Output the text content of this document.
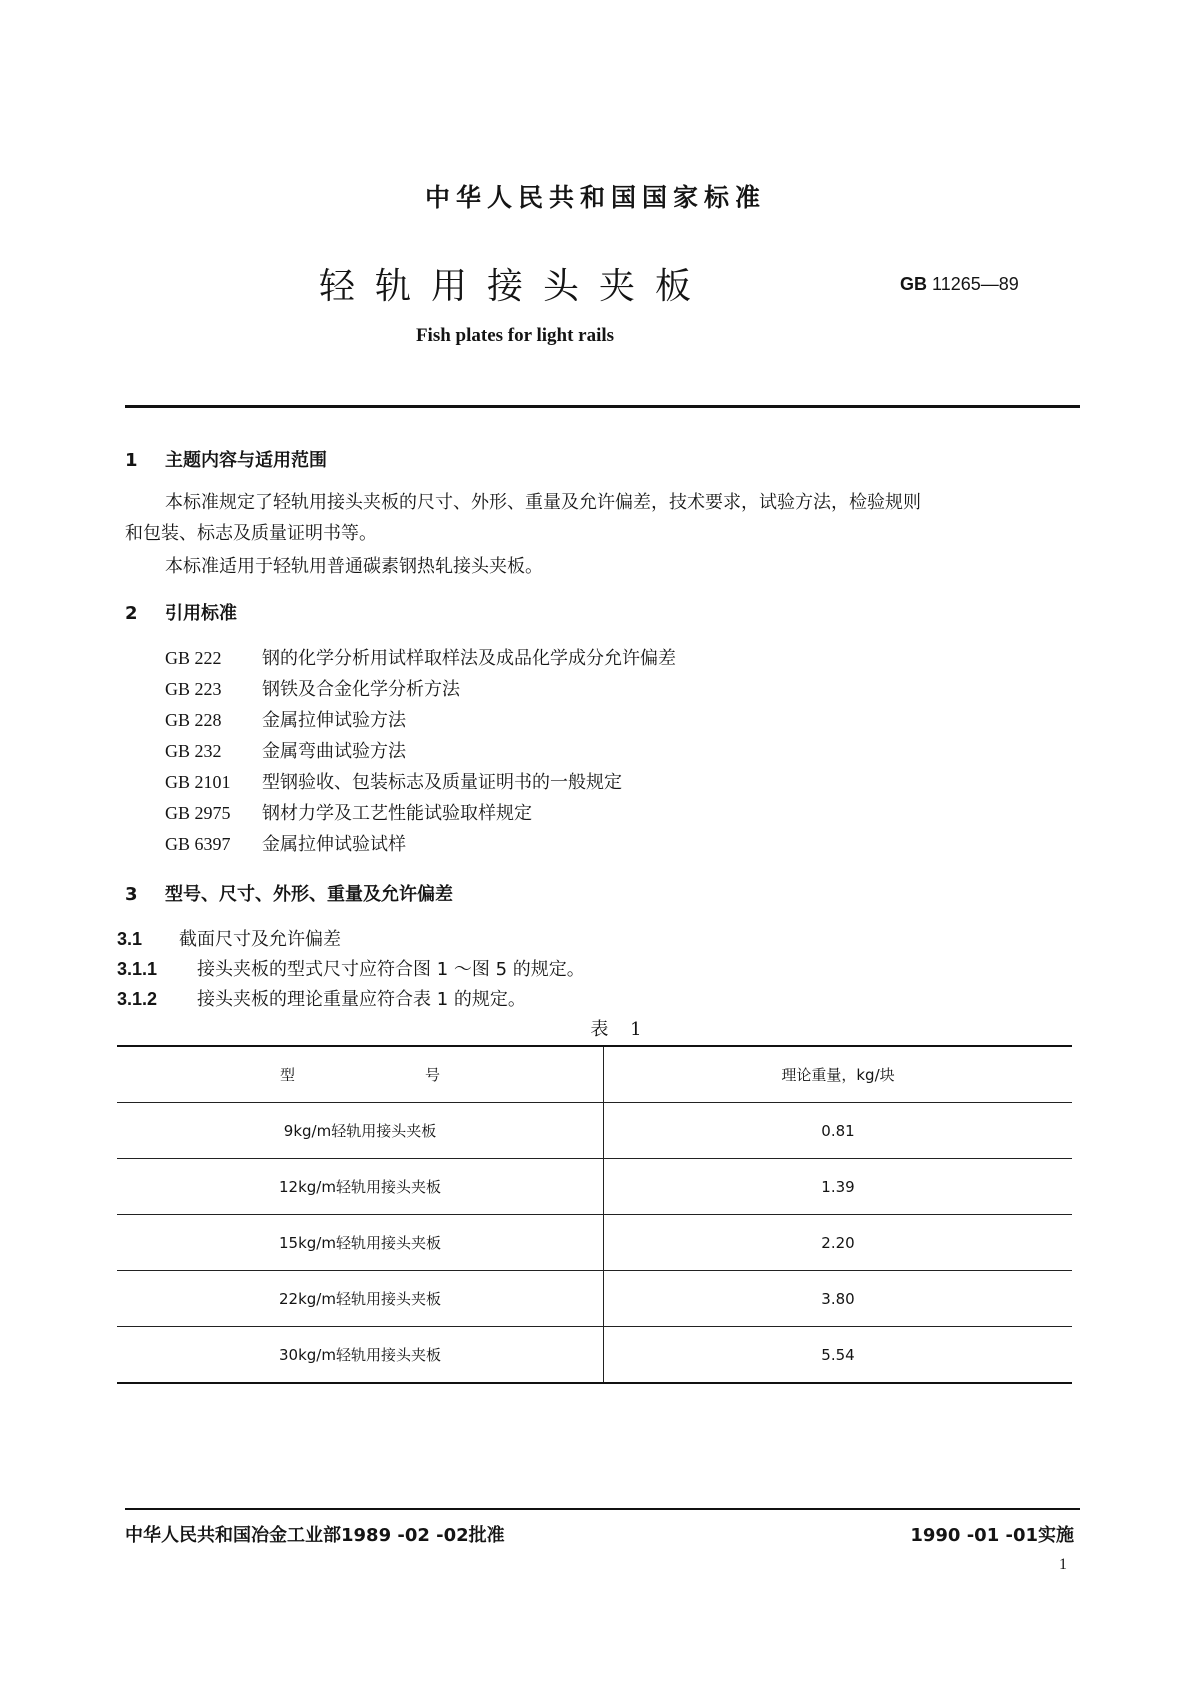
中华人民共和国国家标准
轻轨用接头夹板	GB 11265—89
Fish plates for light rails
1 主题内容与适用范围
本标准规定了轻轨用接头夹板的尺寸、外形、重量及允许偏差，技术要求，试验方法，检验规则
和包装、标志及质量证明书等。
本标准适用于轻轨用普通碳素钢热轧接头夹板。
2 引用标准
GB 222 钢的化学分析用试样取样法及成品化学成分允许偏差
GB 223 钢铁及合金化学分析方法
GB 228 金属拉伸试验方法
GB 232 金属弯曲试验方法
GB 2101 型钢验收、包装标志及质量证明书的一般规定
GB 2975 钢材力学及工艺性能试验取样规定
GB 6397 金属拉伸试验试样
3 型号、尺寸、外形、重量及允许偏差
3.1 截面尺寸及允许偏差
3.1.1 接头夹板的型式尺寸应符合图 1 ～图 5 的规定。
3.1.2 接头夹板的理论重量应符合表 1 的规定。
表 1
型 号	理论重量，kg/块
9kg/m轻轨用接头夹板	0.81
12kg/m轻轨用接头夹板	1.39
15kg/m轻轨用接头夹板	2.20
22kg/m轻轨用接头夹板	3.80
30kg/m轻轨用接头夹板	5.54
中华人民共和国冶金工业部1989 -02 -02批准	1990 -01 -01实施
1
